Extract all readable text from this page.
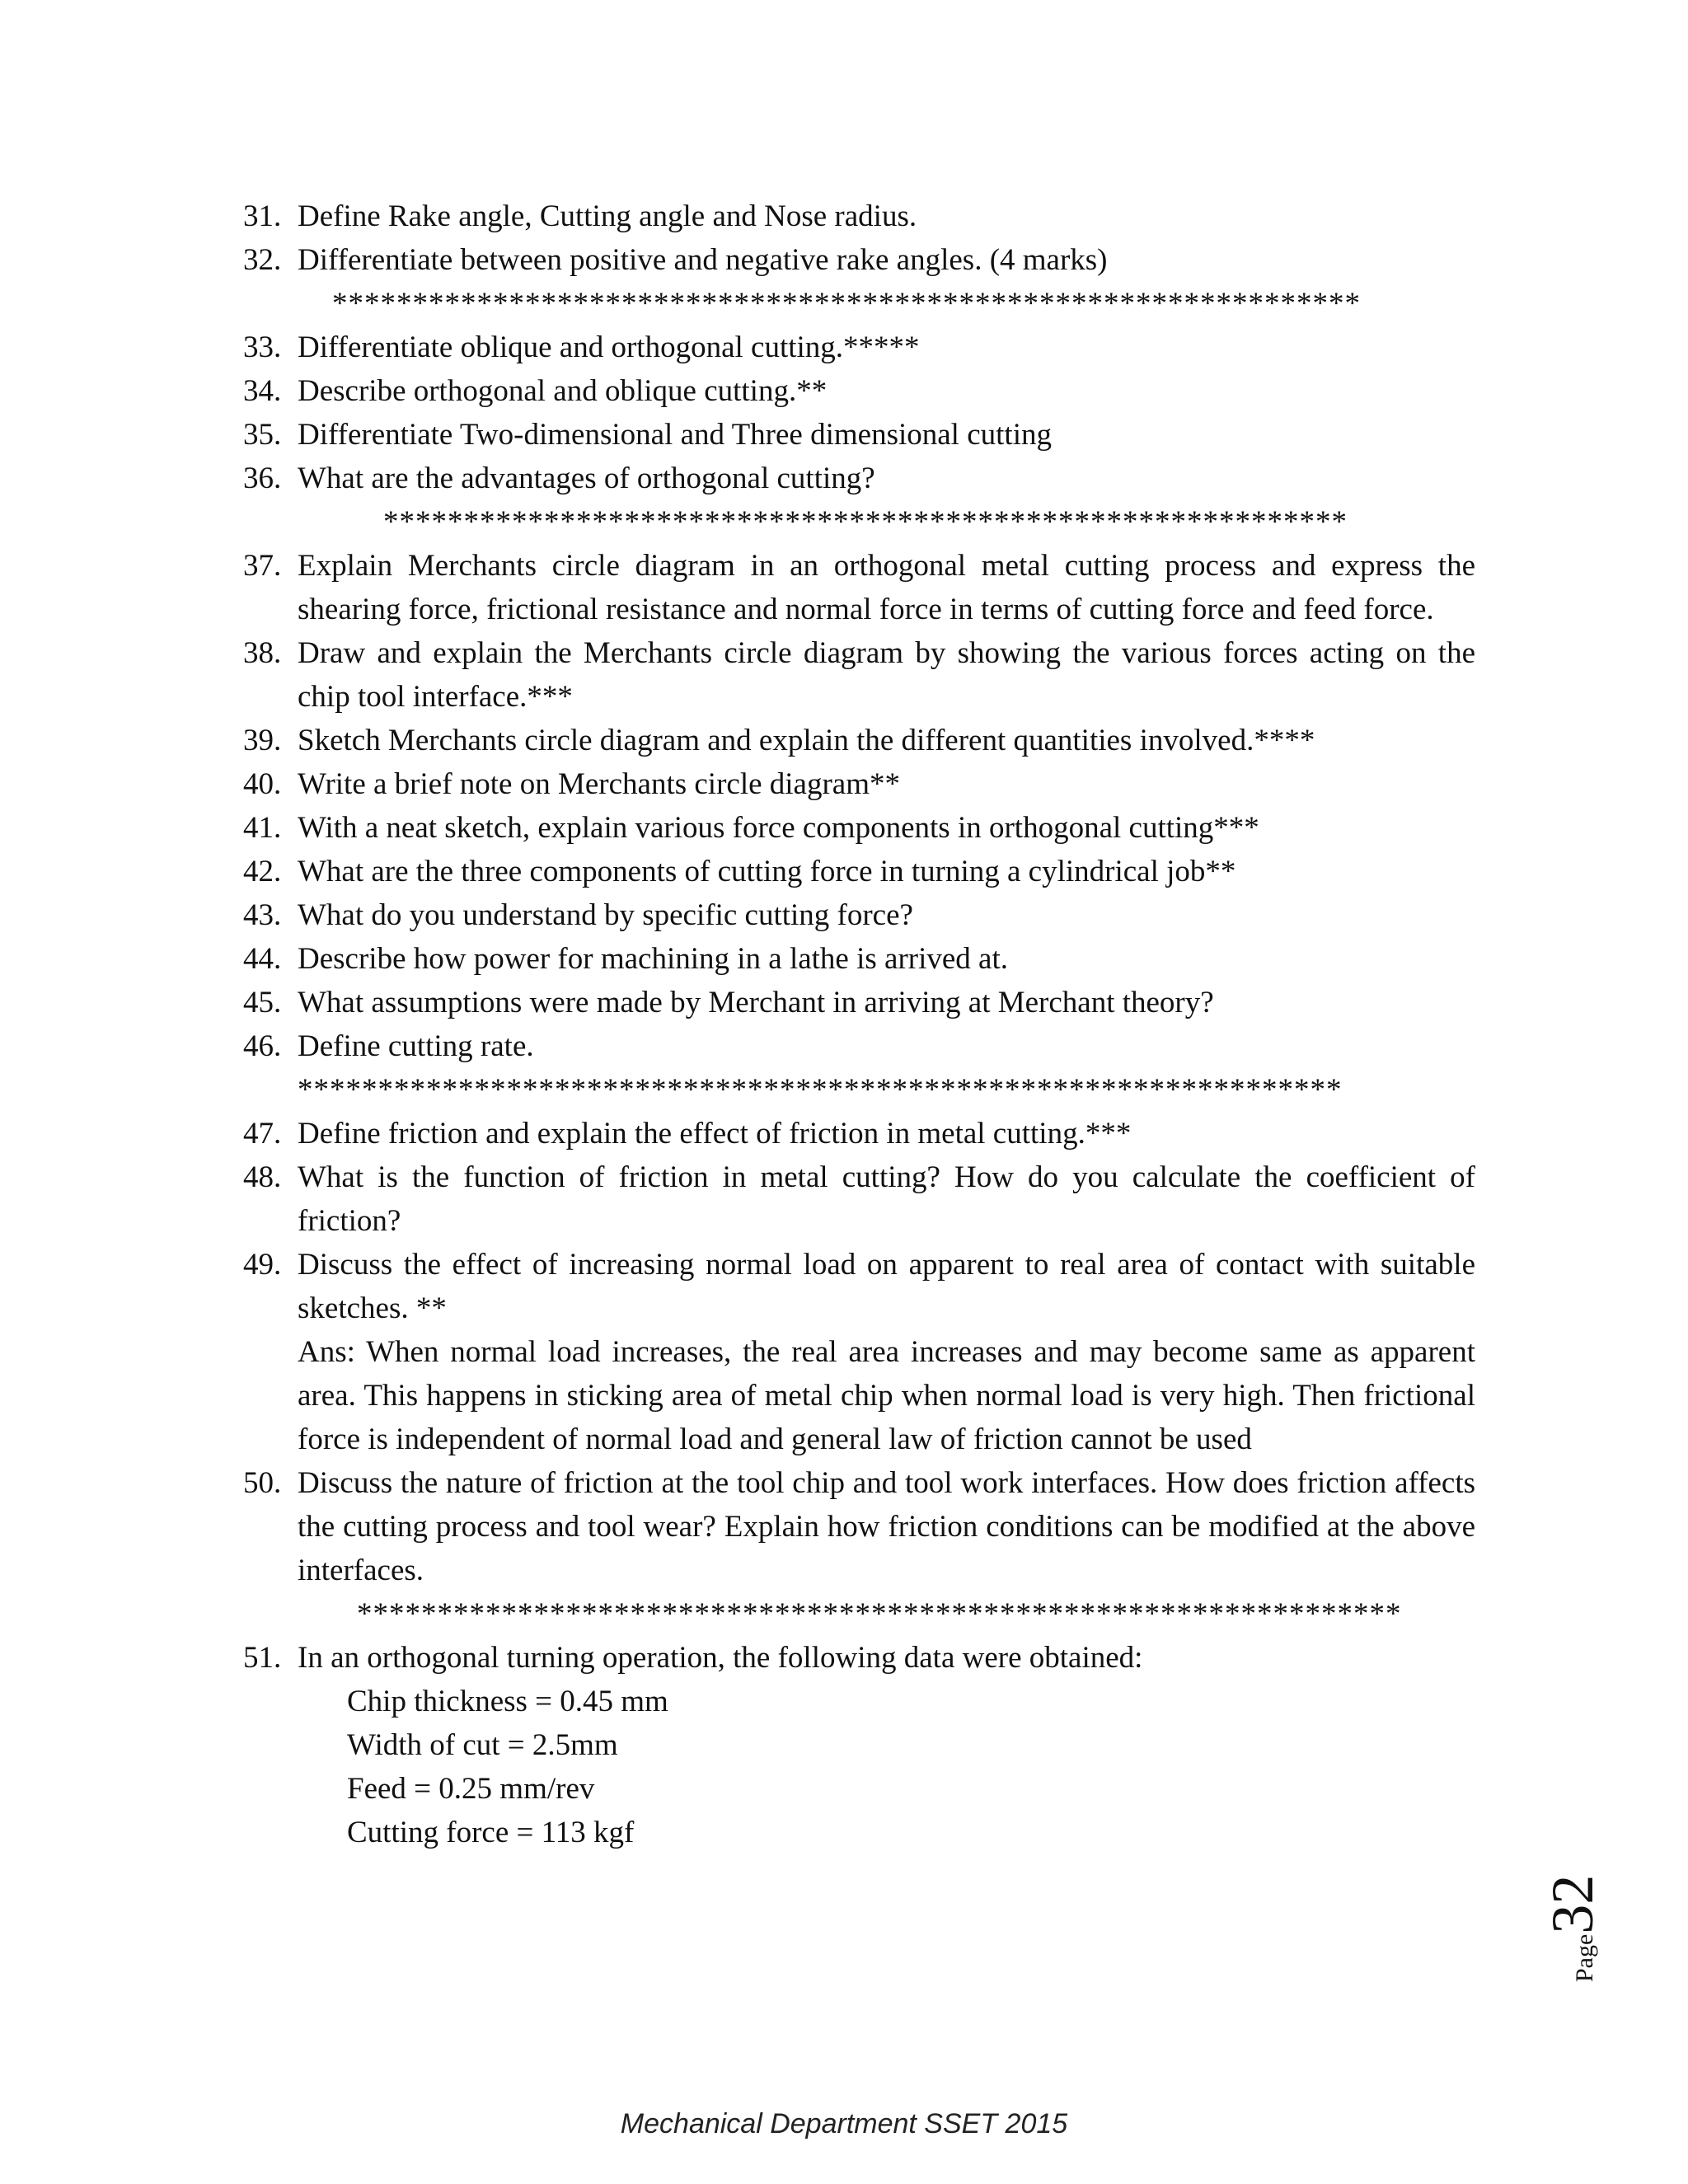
31. Define Rake angle, Cutting angle and Nose radius.
32. Differentiate between positive and negative rake angles. (4 marks)
****************************************************************
33. Differentiate oblique and orthogonal cutting.*****
34. Describe orthogonal and oblique cutting.**
35. Differentiate Two-dimensional and Three dimensional cutting
36. What are the advantages of orthogonal cutting?
************************************************************
37. Explain Merchants circle diagram in an orthogonal metal cutting process and express the shearing force, frictional resistance and normal force in terms of cutting force and feed force.
38. Draw and explain the Merchants circle diagram by showing the various forces acting on the chip tool interface.***
39. Sketch Merchants circle diagram and explain the different quantities involved.****
40. Write a brief note on Merchants circle diagram**
41. With a neat sketch, explain various force components in orthogonal cutting***
42. What are the three components of cutting force in turning a cylindrical job**
43. What do you understand by specific cutting force?
44. Describe how power for machining in a lathe is arrived at.
45. What assumptions were made by Merchant in arriving at Merchant theory?
46. Define cutting rate.
*****************************************************************
47. Define friction and explain the effect of friction in metal cutting.***
48. What is the function of friction in metal cutting? How do you calculate the coefficient of friction?
49. Discuss the effect of increasing normal load on apparent to real area of contact with suitable   sketches. **
Ans: When normal load increases, the real area increases and may become same as apparent area. This happens in sticking area of metal chip when normal load is very high. Then frictional force is independent of normal load and general law of friction cannot be used
50. Discuss the nature of friction at the tool chip and tool work interfaces. How does friction affects the cutting process and tool wear? Explain how friction conditions can be modified at the above interfaces.
*****************************************************************
51. In an orthogonal turning operation, the following data were obtained:
Chip thickness = 0.45 mm
Width of cut = 2.5mm
Feed = 0.25 mm/rev
Cutting force = 113 kgf
Page32
Mechanical Department SSET 2015
